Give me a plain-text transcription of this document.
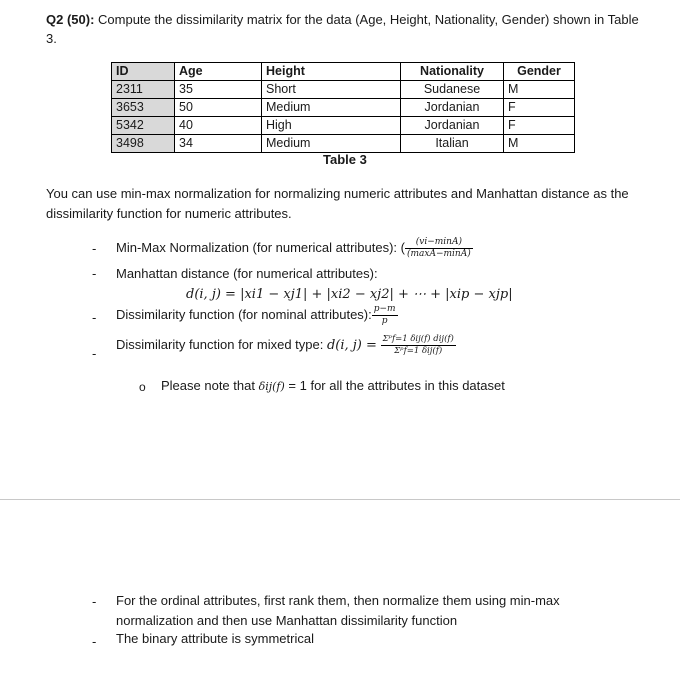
Q2 (50): Compute the dissimilarity matrix for the data (Age, Height, Nationality, Gender) shown in Table 3.
ID	Age	Height	Nationality	Gender
2311	35	Short	Sudanese	M
3653	50	Medium	Jordanian	F
5342	40	High	Jordanian	F
3498	34	Medium	Italian	M
Table 3
You can use min-max normalization for normalizing numeric attributes and Manhattan distance as the dissimilarity function for numeric attributes.
- Min-Max Normalization (for numerical attributes): ( $\frac{(vi-\min A)}{(\max A-\min A)}$
- Manhattan distance (for numerical attributes):
d(i, j) = |xi1 − xj1| + |xi2 − xj2| + ⋯ + |xip − xjp|
- Dissimilarity function (for nominal attributes): $\frac{p-m}{p}$
-
Dissimilarity function for mixed type: d(i, $j) = \frac{\text{Σᵖf=1 δij(f) dij(f)}}{\text{Σᵖf=1 δij(f)}}$
o Please note that δij(f) = 1 for all the attributes in this dataset
- For the ordinal attributes, first rank them, then normalize them using min-max normalization and then use Manhattan dissimilarity function
- The binary attribute is symmetrical
